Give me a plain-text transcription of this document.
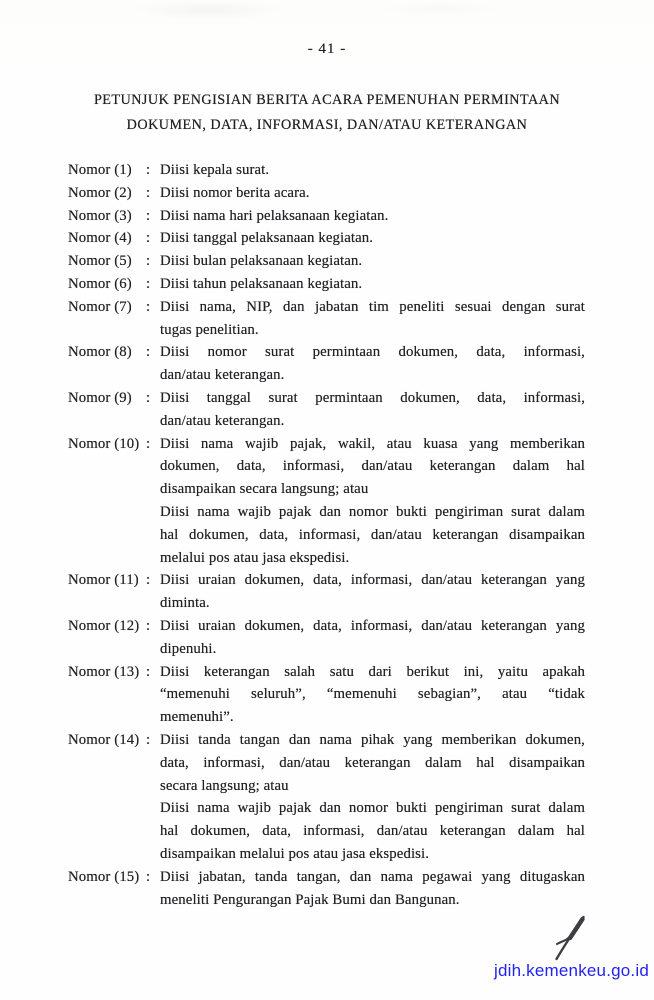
- 41 -
PETUNJUK PENGISIAN BERITA ACARA PEMENUHAN PERMINTAAN
DOKUMEN, DATA, INFORMASI, DAN/ATAU KETERANGAN
Nomor (1) : Diisi kepala surat.
Nomor (2) : Diisi nomor berita acara.
Nomor (3) : Diisi nama hari pelaksanaan kegiatan.
Nomor (4) : Diisi tanggal pelaksanaan kegiatan.
Nomor (5) : Diisi bulan pelaksanaan kegiatan.
Nomor (6) : Diisi tahun pelaksanaan kegiatan.
Nomor (7) : Diisi nama, NIP, dan jabatan tim peneliti sesuai dengan surat
tugas penelitian.
Nomor (8) : Diisi nomor surat permintaan dokumen, data, informasi,
dan/atau keterangan.
Nomor (9) : Diisi tanggal surat permintaan dokumen, data, informasi,
dan/atau keterangan.
Nomor (10) : Diisi nama wajib pajak, wakil, atau kuasa yang memberikan
dokumen, data, informasi, dan/atau keterangan dalam hal
disampaikan secara langsung; atau
Diisi nama wajib pajak dan nomor bukti pengiriman surat dalam
hal dokumen, data, informasi, dan/atau keterangan disampaikan
melalui pos atau jasa ekspedisi.
Nomor (11) : Diisi uraian dokumen, data, informasi, dan/atau keterangan yang
diminta.
Nomor (12) : Diisi uraian dokumen, data, informasi, dan/atau keterangan yang
dipenuhi.
Nomor (13) : Diisi keterangan salah satu dari berikut ini, yaitu apakah
“memenuhi seluruh”, “memenuhi sebagian”, atau “tidak
memenuhi”.
Nomor (14) : Diisi tanda tangan dan nama pihak yang memberikan dokumen,
data, informasi, dan/atau keterangan dalam hal disampaikan
secara langsung; atau
Diisi nama wajib pajak dan nomor bukti pengiriman surat dalam
hal dokumen, data, informasi, dan/atau keterangan dalam hal
disampaikan melalui pos atau jasa ekspedisi.
Nomor (15) : Diisi jabatan, tanda tangan, dan nama pegawai yang ditugaskan
meneliti Pengurangan Pajak Bumi dan Bangunan.
jdih.kemenkeu.go.id
